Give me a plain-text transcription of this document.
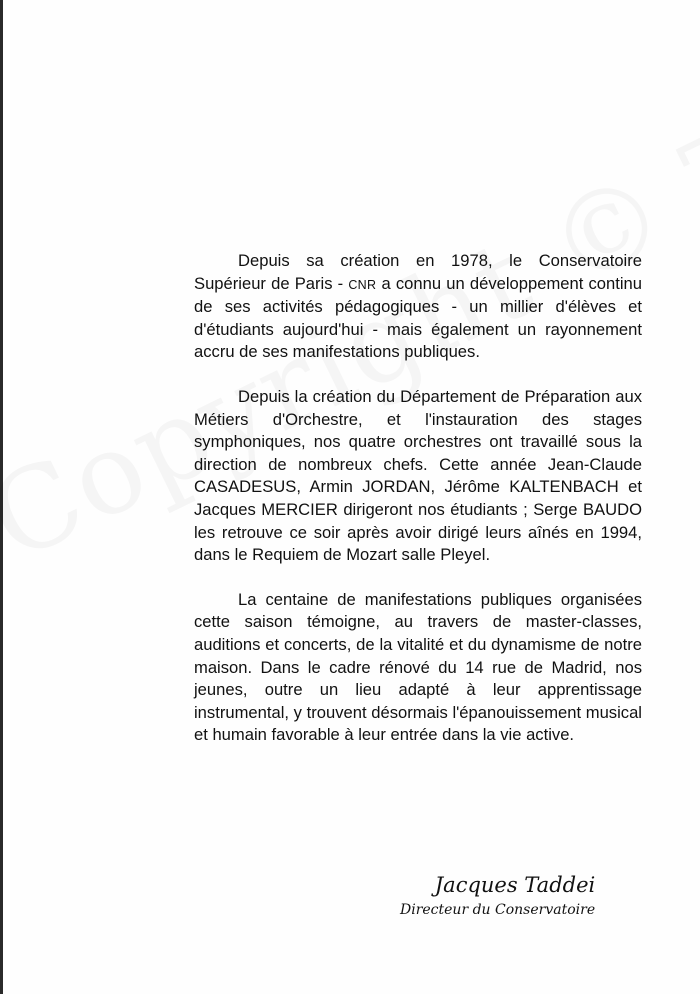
Depuis sa création en 1978, le Conservatoire Supérieur de Paris - CNR a connu un développement continu de ses activités pédagogiques - un millier d'élèves et d'étudiants aujourd'hui - mais également un rayonnement accru de ses manifestations publiques.

Depuis la création du Département de Préparation aux Métiers d'Orchestre, et l'instauration des stages symphoniques, nos quatre orchestres ont travaillé sous la direction de nombreux chefs. Cette année Jean-Claude CASADESUS, Armin JORDAN, Jérôme KALTENBACH et Jacques MERCIER dirigeront nos étudiants ; Serge BAUDO les retrouve ce soir après avoir dirigé leurs aînés en 1994, dans le Requiem de Mozart salle Pleyel.

La centaine de manifestations publiques organisées cette saison témoigne, au travers de master-classes, auditions et concerts, de la vitalité et du dynamisme de notre maison. Dans le cadre rénové du 14 rue de Madrid, nos jeunes, outre un lieu adapté à leur apprentissage instrumental, y trouvent désormais l'épanouissement musical et humain favorable à leur entrée dans la vie active.

Jacques Taddei
Directeur du Conservatoire
